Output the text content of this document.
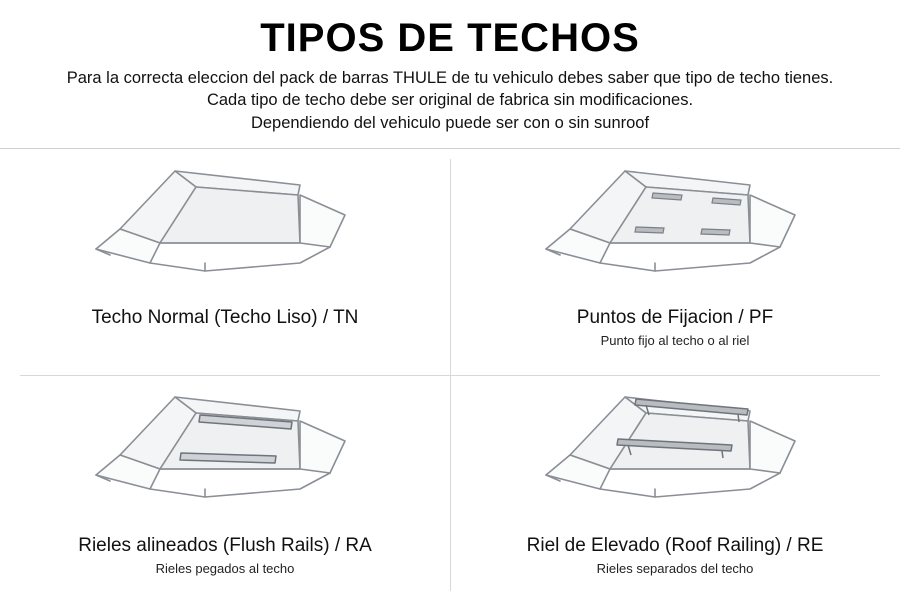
TIPOS DE TECHOS
Para la correcta eleccion del pack de barras THULE de tu vehiculo debes saber que tipo de techo tienes.
Cada tipo de techo debe ser original de fabrica sin modificaciones.
Dependiendo del vehiculo puede ser con o sin sunroof
Techo Normal (Techo Liso) / TN	Puntos de Fijacion / PF
Punto fijo al techo o al riel
Rieles alineados (Flush Rails) / RA
Rieles pegados al techo
Riel de Elevado (Roof Railing) / RE
Rieles separados del techo
